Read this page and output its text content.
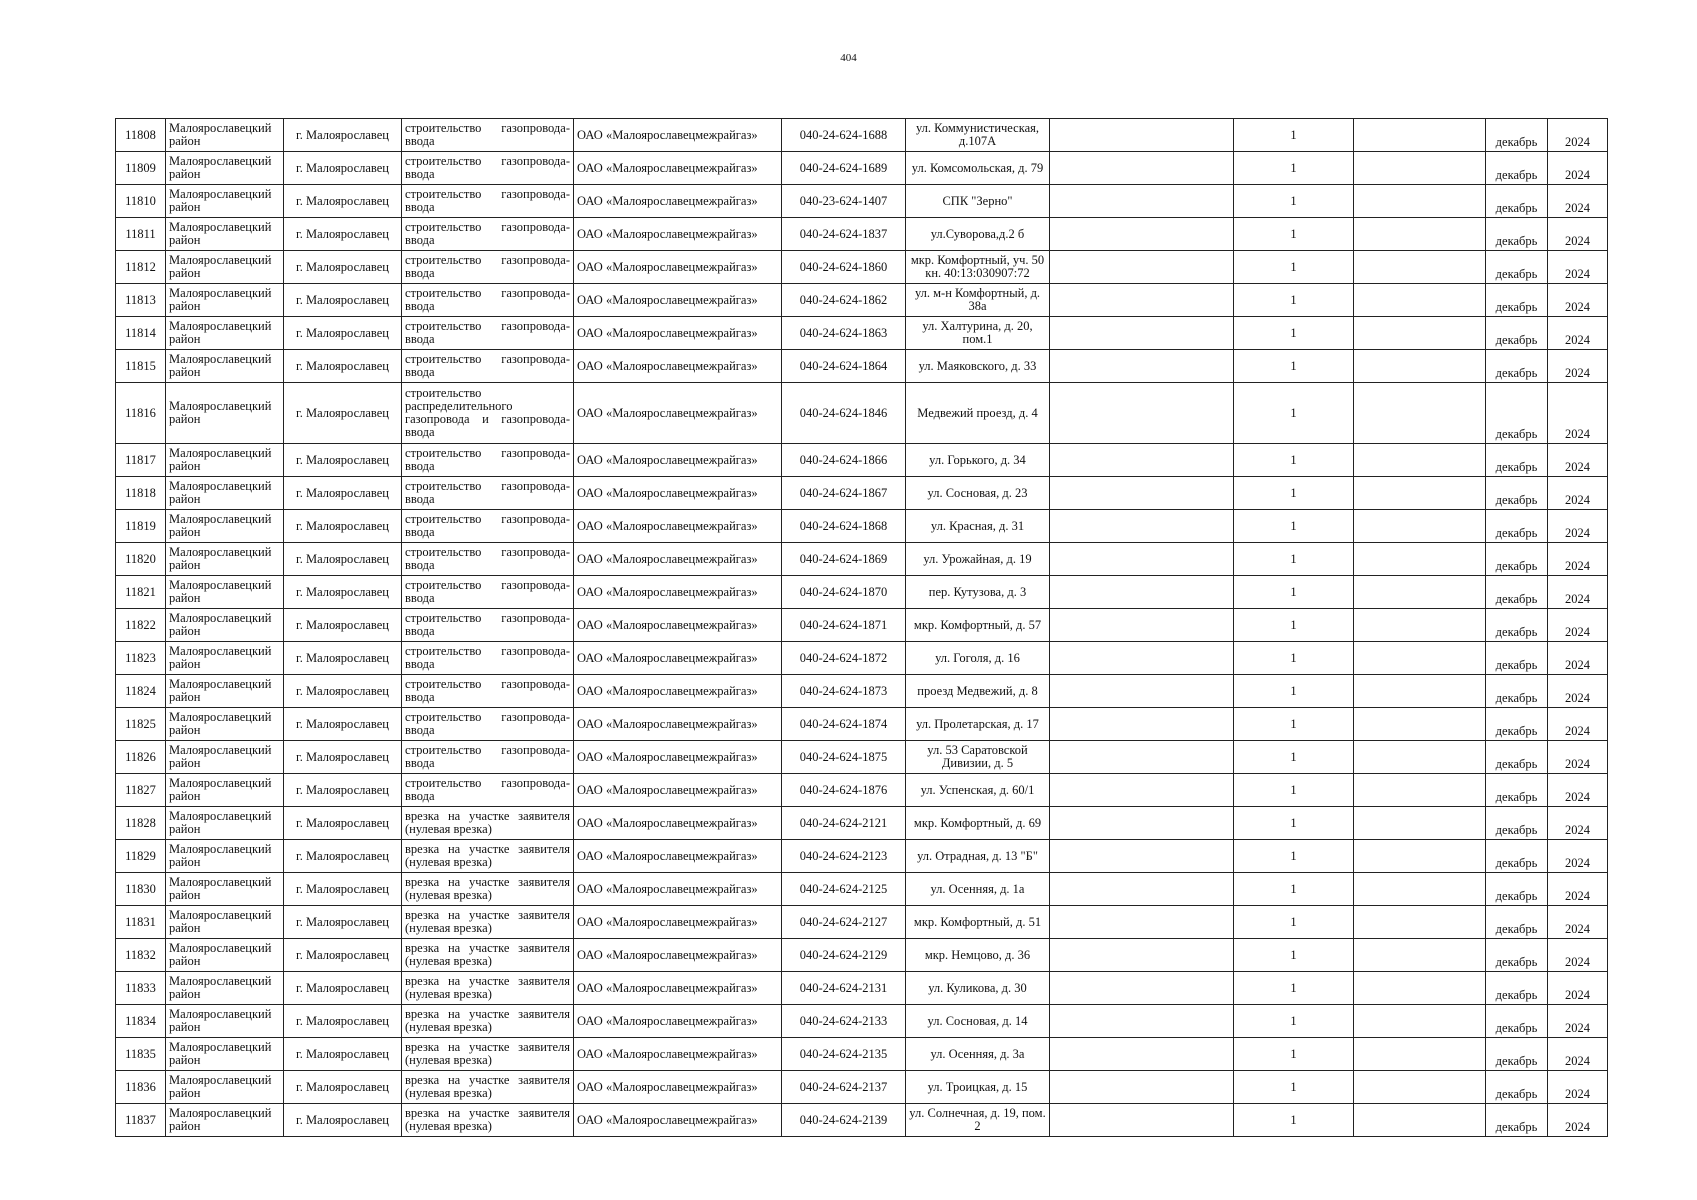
404
11808	Малоярославецкий район	г. Малоярославец	строительство газопровода-ввода	ОАО «Малоярославецмежрайгаз»	040-24-624-1688	ул. Коммунистическая, д.107А		1		декабрь	2024
11809	Малоярославецкий район	г. Малоярославец	строительство газопровода-ввода	ОАО «Малоярославецмежрайгаз»	040-24-624-1689	ул. Комсомольская, д. 79		1		декабрь	2024
11810	Малоярославецкий район	г. Малоярославец	строительство газопровода-ввода	ОАО «Малоярославецмежрайгаз»	040-23-624-1407	СПК "Зерно"		1		декабрь	2024
11811	Малоярославецкий район	г. Малоярославец	строительство газопровода-ввода	ОАО «Малоярославецмежрайгаз»	040-24-624-1837	ул.Суворова,д.2 б		1		декабрь	2024
11812	Малоярославецкий район	г. Малоярославец	строительство газопровода-ввода	ОАО «Малоярославецмежрайгаз»	040-24-624-1860	мкр. Комфортный, уч. 50 кн. 40:13:030907:72		1		декабрь	2024
11813	Малоярославецкий район	г. Малоярославец	строительство газопровода-ввода	ОАО «Малоярославецмежрайгаз»	040-24-624-1862	ул. м-н Комфортный, д. 38а		1		декабрь	2024
11814	Малоярославецкий район	г. Малоярославец	строительство газопровода-ввода	ОАО «Малоярославецмежрайгаз»	040-24-624-1863	ул. Халтурина, д. 20, пом.1		1		декабрь	2024
11815	Малоярославецкий район	г. Малоярославец	строительство газопровода-ввода	ОАО «Малоярославецмежрайгаз»	040-24-624-1864	ул. Маяковского, д. 33		1		декабрь	2024
11816	Малоярославецкий район	г. Малоярославец	строительство распределительного газопровода и газопровода-ввода	ОАО «Малоярославецмежрайгаз»	040-24-624-1846	Медвежий проезд, д. 4		1		декабрь	2024
11817	Малоярославецкий район	г. Малоярославец	строительство газопровода-ввода	ОАО «Малоярославецмежрайгаз»	040-24-624-1866	ул. Горького, д. 34		1		декабрь	2024
11818	Малоярославецкий район	г. Малоярославец	строительство газопровода-ввода	ОАО «Малоярославецмежрайгаз»	040-24-624-1867	ул. Сосновая, д. 23		1		декабрь	2024
11819	Малоярославецкий район	г. Малоярославец	строительство газопровода-ввода	ОАО «Малоярославецмежрайгаз»	040-24-624-1868	ул. Красная, д. 31		1		декабрь	2024
11820	Малоярославецкий район	г. Малоярославец	строительство газопровода-ввода	ОАО «Малоярославецмежрайгаз»	040-24-624-1869	ул. Урожайная, д. 19		1		декабрь	2024
11821	Малоярославецкий район	г. Малоярославец	строительство газопровода-ввода	ОАО «Малоярославецмежрайгаз»	040-24-624-1870	пер. Кутузова, д. 3		1		декабрь	2024
11822	Малоярославецкий район	г. Малоярославец	строительство газопровода-ввода	ОАО «Малоярославецмежрайгаз»	040-24-624-1871	мкр. Комфортный, д. 57		1		декабрь	2024
11823	Малоярославецкий район	г. Малоярославец	строительство газопровода-ввода	ОАО «Малоярославецмежрайгаз»	040-24-624-1872	ул. Гоголя, д. 16		1		декабрь	2024
11824	Малоярославецкий район	г. Малоярославец	строительство газопровода-ввода	ОАО «Малоярославецмежрайгаз»	040-24-624-1873	проезд Медвежий, д. 8		1		декабрь	2024
11825	Малоярославецкий район	г. Малоярославец	строительство газопровода-ввода	ОАО «Малоярославецмежрайгаз»	040-24-624-1874	ул. Пролетарская, д. 17		1		декабрь	2024
11826	Малоярославецкий район	г. Малоярославец	строительство газопровода-ввода	ОАО «Малоярославецмежрайгаз»	040-24-624-1875	ул. 53 Саратовской Дивизии, д. 5		1		декабрь	2024
11827	Малоярославецкий район	г. Малоярославец	строительство газопровода-ввода	ОАО «Малоярославецмежрайгаз»	040-24-624-1876	ул. Успенская, д. 60/1		1		декабрь	2024
11828	Малоярославецкий район	г. Малоярославец	врезка на участке заявителя (нулевая врезка)	ОАО «Малоярославецмежрайгаз»	040-24-624-2121	мкр. Комфортный, д. 69		1		декабрь	2024
11829	Малоярославецкий район	г. Малоярославец	врезка на участке заявителя (нулевая врезка)	ОАО «Малоярославецмежрайгаз»	040-24-624-2123	ул. Отрадная, д. 13 "Б"		1		декабрь	2024
11830	Малоярославецкий район	г. Малоярославец	врезка на участке заявителя (нулевая врезка)	ОАО «Малоярославецмежрайгаз»	040-24-624-2125	ул. Осенняя, д. 1а		1		декабрь	2024
11831	Малоярославецкий район	г. Малоярославец	врезка на участке заявителя (нулевая врезка)	ОАО «Малоярославецмежрайгаз»	040-24-624-2127	мкр. Комфортный, д. 51		1		декабрь	2024
11832	Малоярославецкий район	г. Малоярославец	врезка на участке заявителя (нулевая врезка)	ОАО «Малоярославецмежрайгаз»	040-24-624-2129	мкр. Немцово, д. 36		1		декабрь	2024
11833	Малоярославецкий район	г. Малоярославец	врезка на участке заявителя (нулевая врезка)	ОАО «Малоярославецмежрайгаз»	040-24-624-2131	ул. Куликова, д. 30		1		декабрь	2024
11834	Малоярославецкий район	г. Малоярославец	врезка на участке заявителя (нулевая врезка)	ОАО «Малоярославецмежрайгаз»	040-24-624-2133	ул. Сосновая, д. 14		1		декабрь	2024
11835	Малоярославецкий район	г. Малоярославец	врезка на участке заявителя (нулевая врезка)	ОАО «Малоярославецмежрайгаз»	040-24-624-2135	ул. Осенняя, д. 3а		1		декабрь	2024
11836	Малоярославецкий район	г. Малоярославец	врезка на участке заявителя (нулевая врезка)	ОАО «Малоярославецмежрайгаз»	040-24-624-2137	ул. Троицкая, д. 15		1		декабрь	2024
11837	Малоярославецкий район	г. Малоярославец	врезка на участке заявителя (нулевая врезка)	ОАО «Малоярославецмежрайгаз»	040-24-624-2139	ул. Солнечная, д. 19, пом. 2		1		декабрь	2024
